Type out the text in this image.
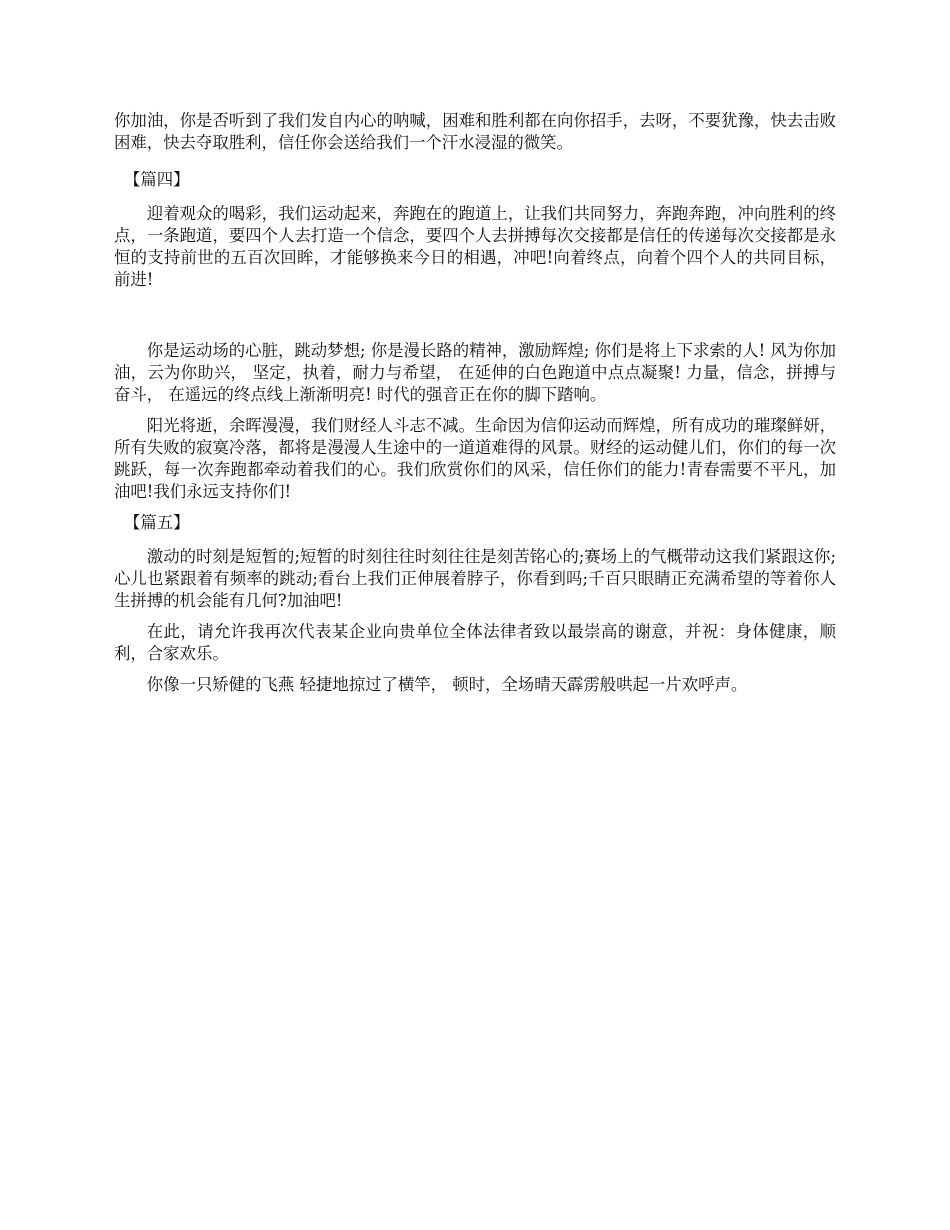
你加油，你是否听到了我们发自内心的呐喊，困难和胜利都在向你招手，去呀，不要犹豫，快去击败困难，快去夺取胜利，信任你会送给我们一个汗水浸湿的微笑。

【篇四】

迎着观众的喝彩，我们运动起来，奔跑在的跑道上，让我们共同努力，奔跑奔跑，冲向胜利的终点，一条跑道，要四个人去打造一个信念，要四个人去拼搏每次交接都是信任的传递每次交接都是永恒的支持前世的五百次回眸，才能够换来今日的相遇，冲吧!向着终点，向着个四个人的共同目标，前进!

你是运动场的心脏，跳动梦想; 你是漫长路的精神，激励辉煌; 你们是将上下求索的人! 风为你加油，云为你助兴， 坚定，执着，耐力与希望， 在延伸的白色跑道中点点凝聚! 力量，信念，拼搏与奋斗， 在遥远的终点线上渐渐明亮! 时代的强音正在你的脚下踏响。

阳光将逝，余晖漫漫，我们财经人斗志不减。生命因为信仰运动而辉煌，所有成功的璀璨鲜妍，所有失败的寂寞冷落，都将是漫漫人生途中的一道道难得的风景。财经的运动健儿们，你们的每一次跳跃，每一次奔跑都牵动着我们的心。我们欣赏你们的风采，信任你们的能力!青春需要不平凡，加油吧!我们永远支持你们!

【篇五】

激动的时刻是短暂的;短暂的时刻往往时刻往往是刻苦铭心的;赛场上的气概带动这我们紧跟这你;心儿也紧跟着有频率的跳动;看台上我们正伸展着脖子，你看到吗;千百只眼睛正充满希望的等着你人生拼搏的机会能有几何?加油吧!

在此，请允许我再次代表某企业向贵单位全体法律者致以最崇高的谢意，并祝：身体健康，顺利，合家欢乐。

你像一只矫健的飞燕 轻捷地掠过了横竿， 顿时，全场晴天霹雳般哄起一片欢呼声。
